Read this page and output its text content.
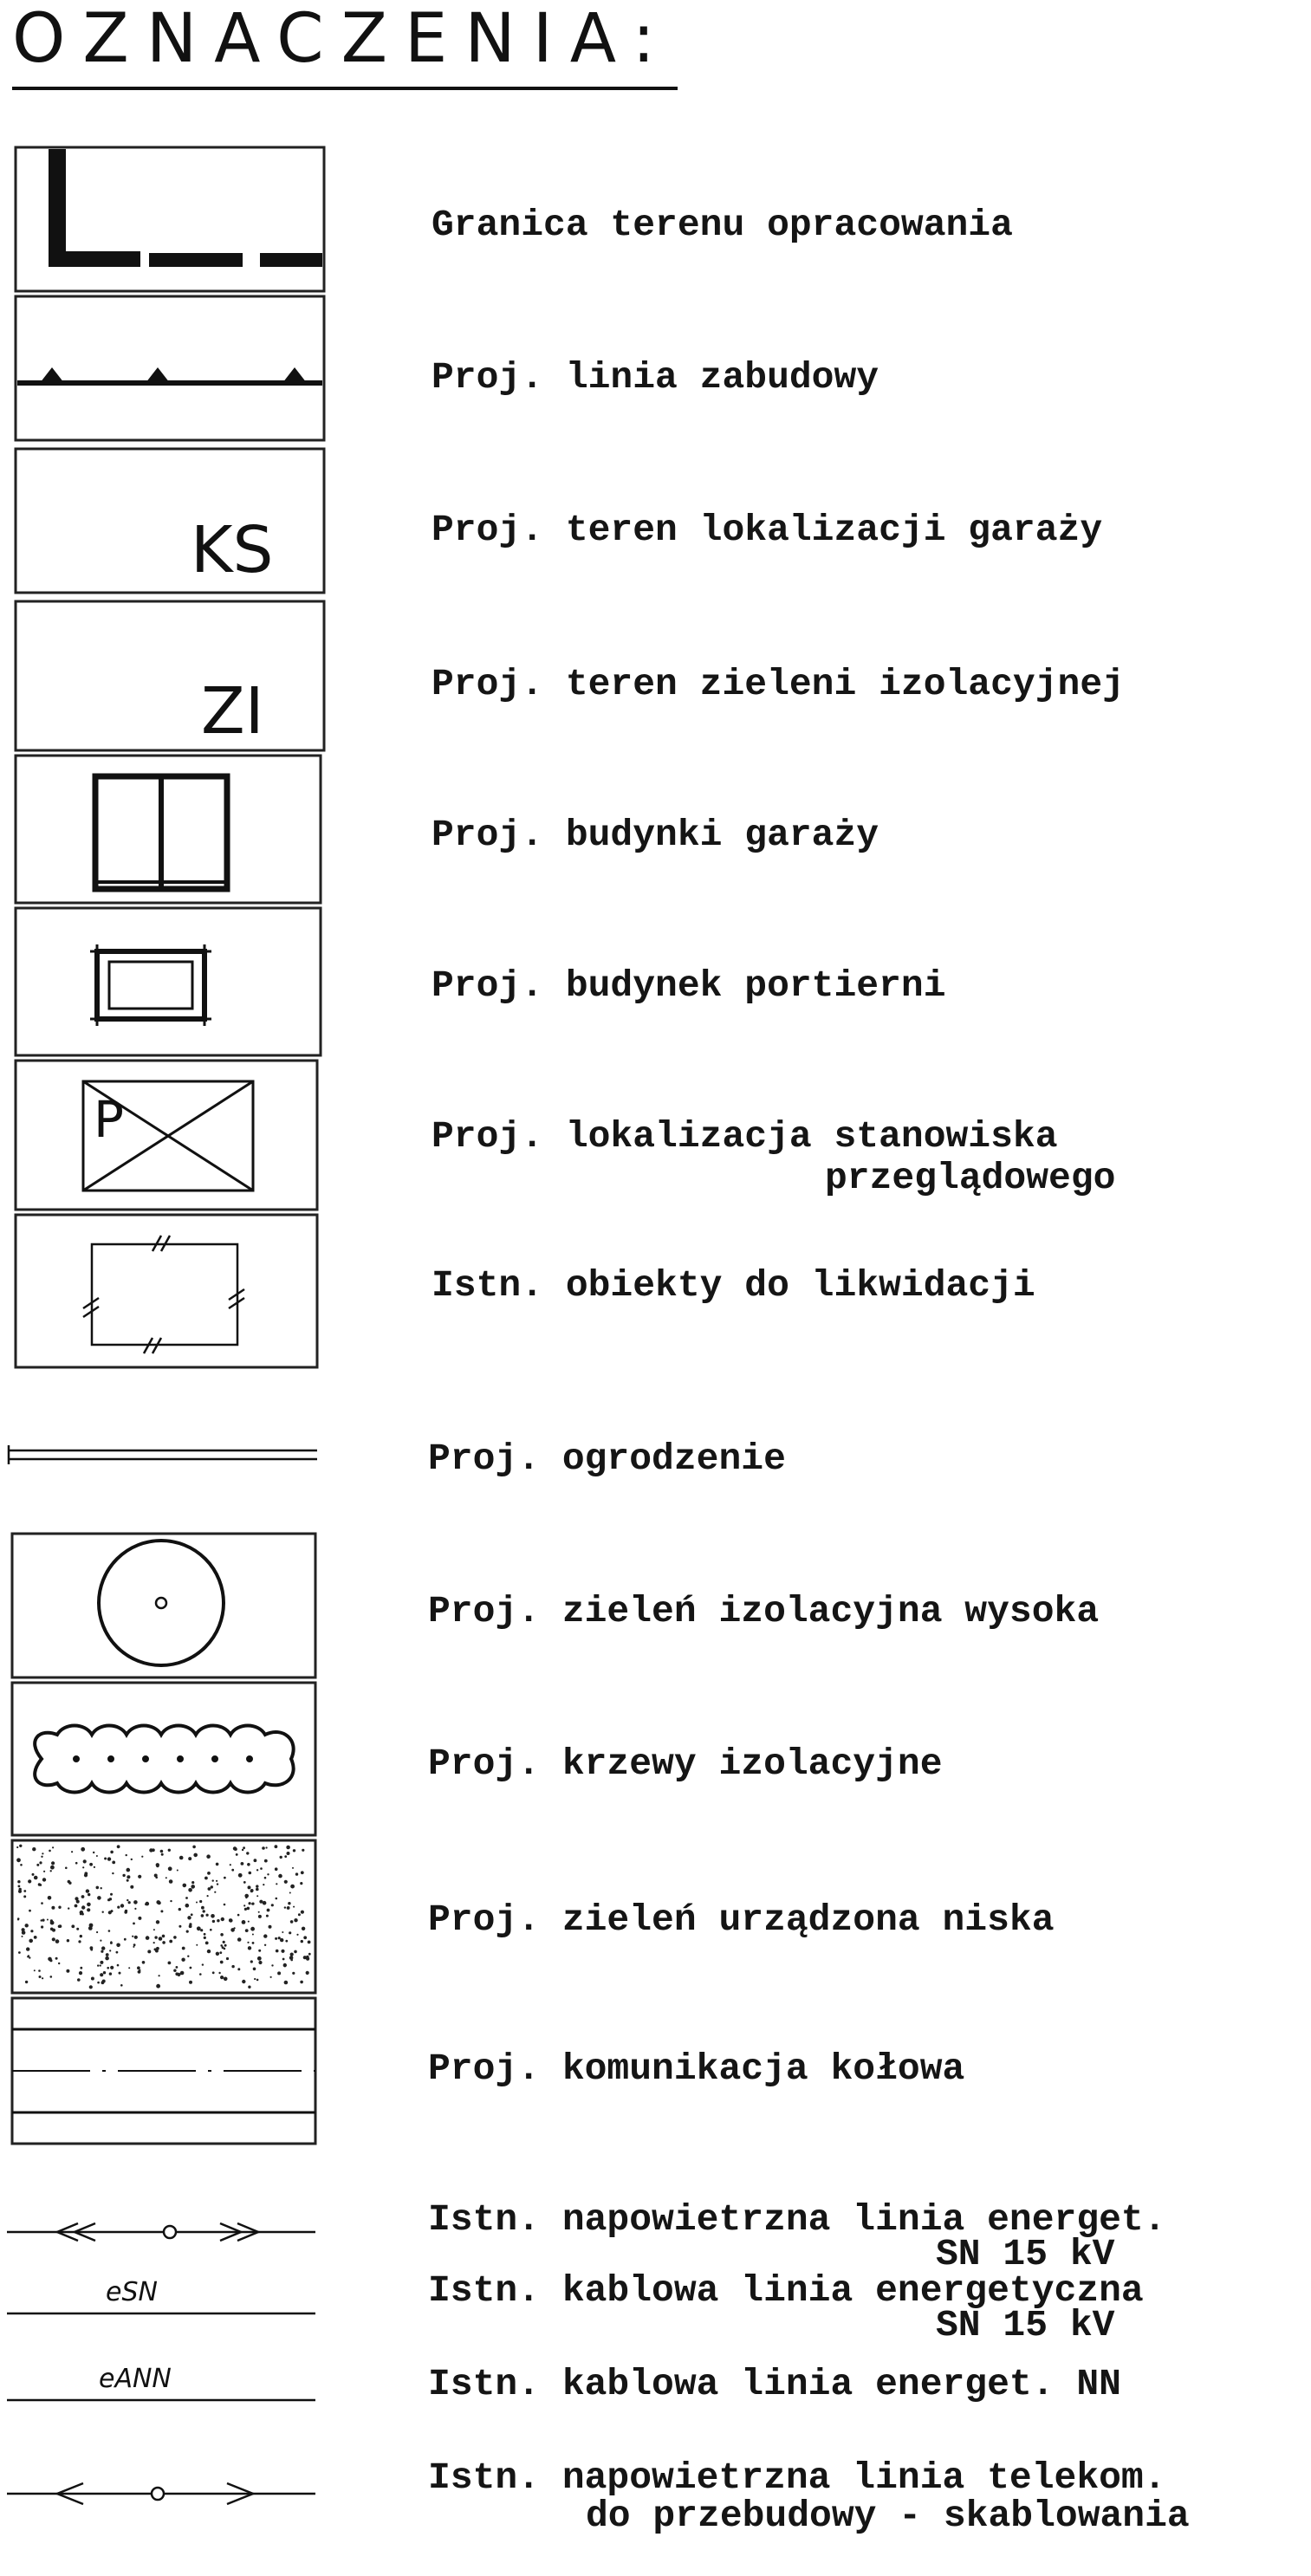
OZNACZENIA:
KS
ZI
P
eSN
eANN
Granica terenu opracowania
Proj. linia zabudowy
Proj. teren lokalizacji garaży
Proj. teren zieleni izolacyjnej
Proj. budynki garaży
Proj. budynek portierni
Proj. lokalizacja stanowiska
przeglądowego
Istn. obiekty do likwidacji
Proj. ogrodzenie
Proj. zieleń izolacyjna wysoka
Proj. krzewy izolacyjne
Proj. zieleń urządzona niska
Proj. komunikacja kołowa
Istn. napowietrzna linia energet.
SN 15 kV
Istn. kablowa linia energetyczna
SN 15 kV
Istn. kablowa linia energet. NN
Istn. napowietrzna linia telekom.
do przebudowy - skablowania
